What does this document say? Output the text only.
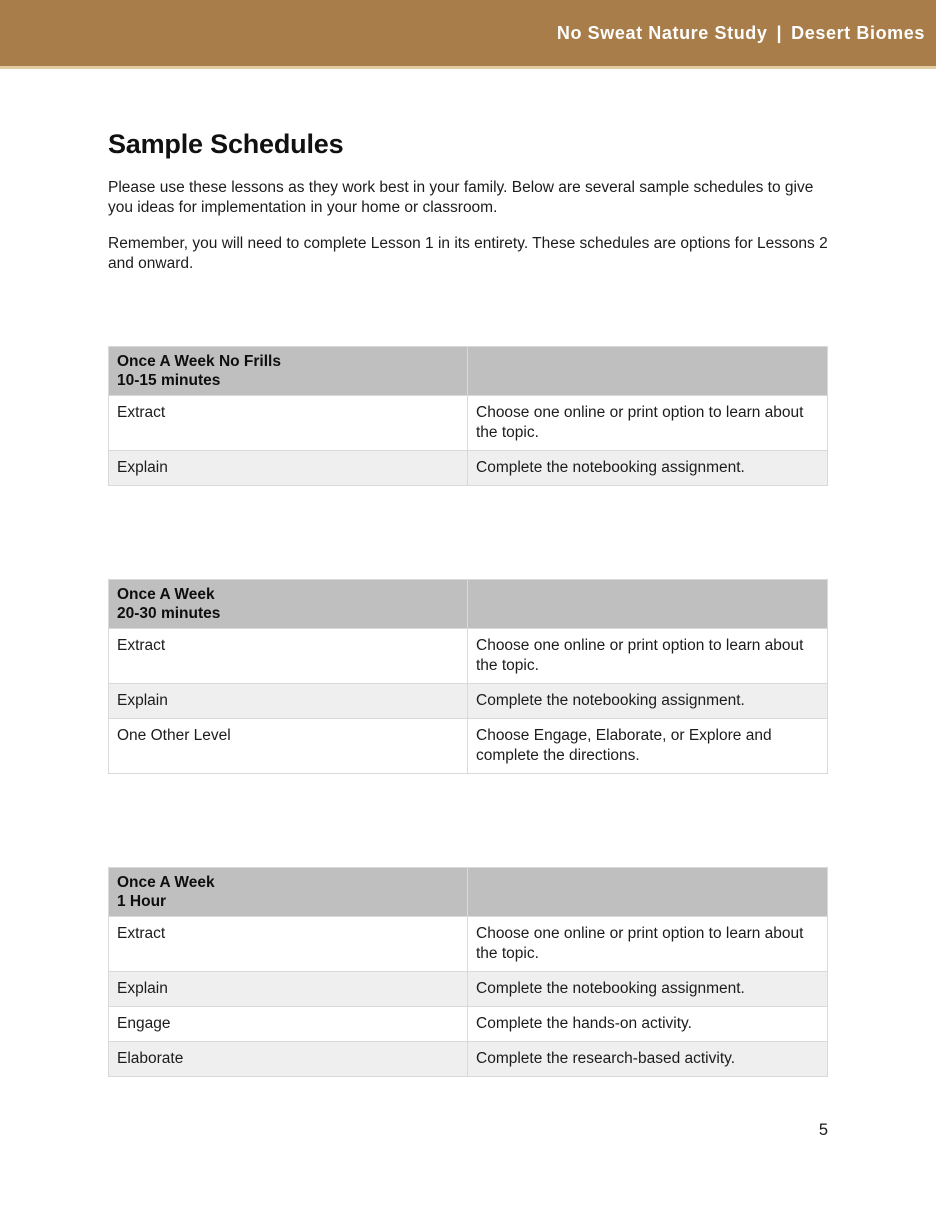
No Sweat Nature Study | Desert Biomes
Sample Schedules

Please use these lessons as they work best in your family. Below are several sample schedules to give you ideas for implementation in your home or classroom.

Remember, you will need to complete Lesson 1 in its entirety. These schedules are options for Lessons 2 and onward.

Once A Week No Frills
10-15 minutes	

Extract	Choose one online or print option to learn about the topic.
Explain	Complete the notebooking assignment.
Once A Week
20-30 minutes	

Extract	Choose one online or print option to learn about the topic.
Explain	Complete the notebooking assignment.
One Other Level	Choose Engage, Elaborate, or Explore and complete the directions.
Once A Week
1 Hour	

Extract	Choose one online or print option to learn about the topic.
Explain	Complete the notebooking assignment.
Engage	Complete the hands-on activity.
Elaborate	Complete the research-based activity.
5
